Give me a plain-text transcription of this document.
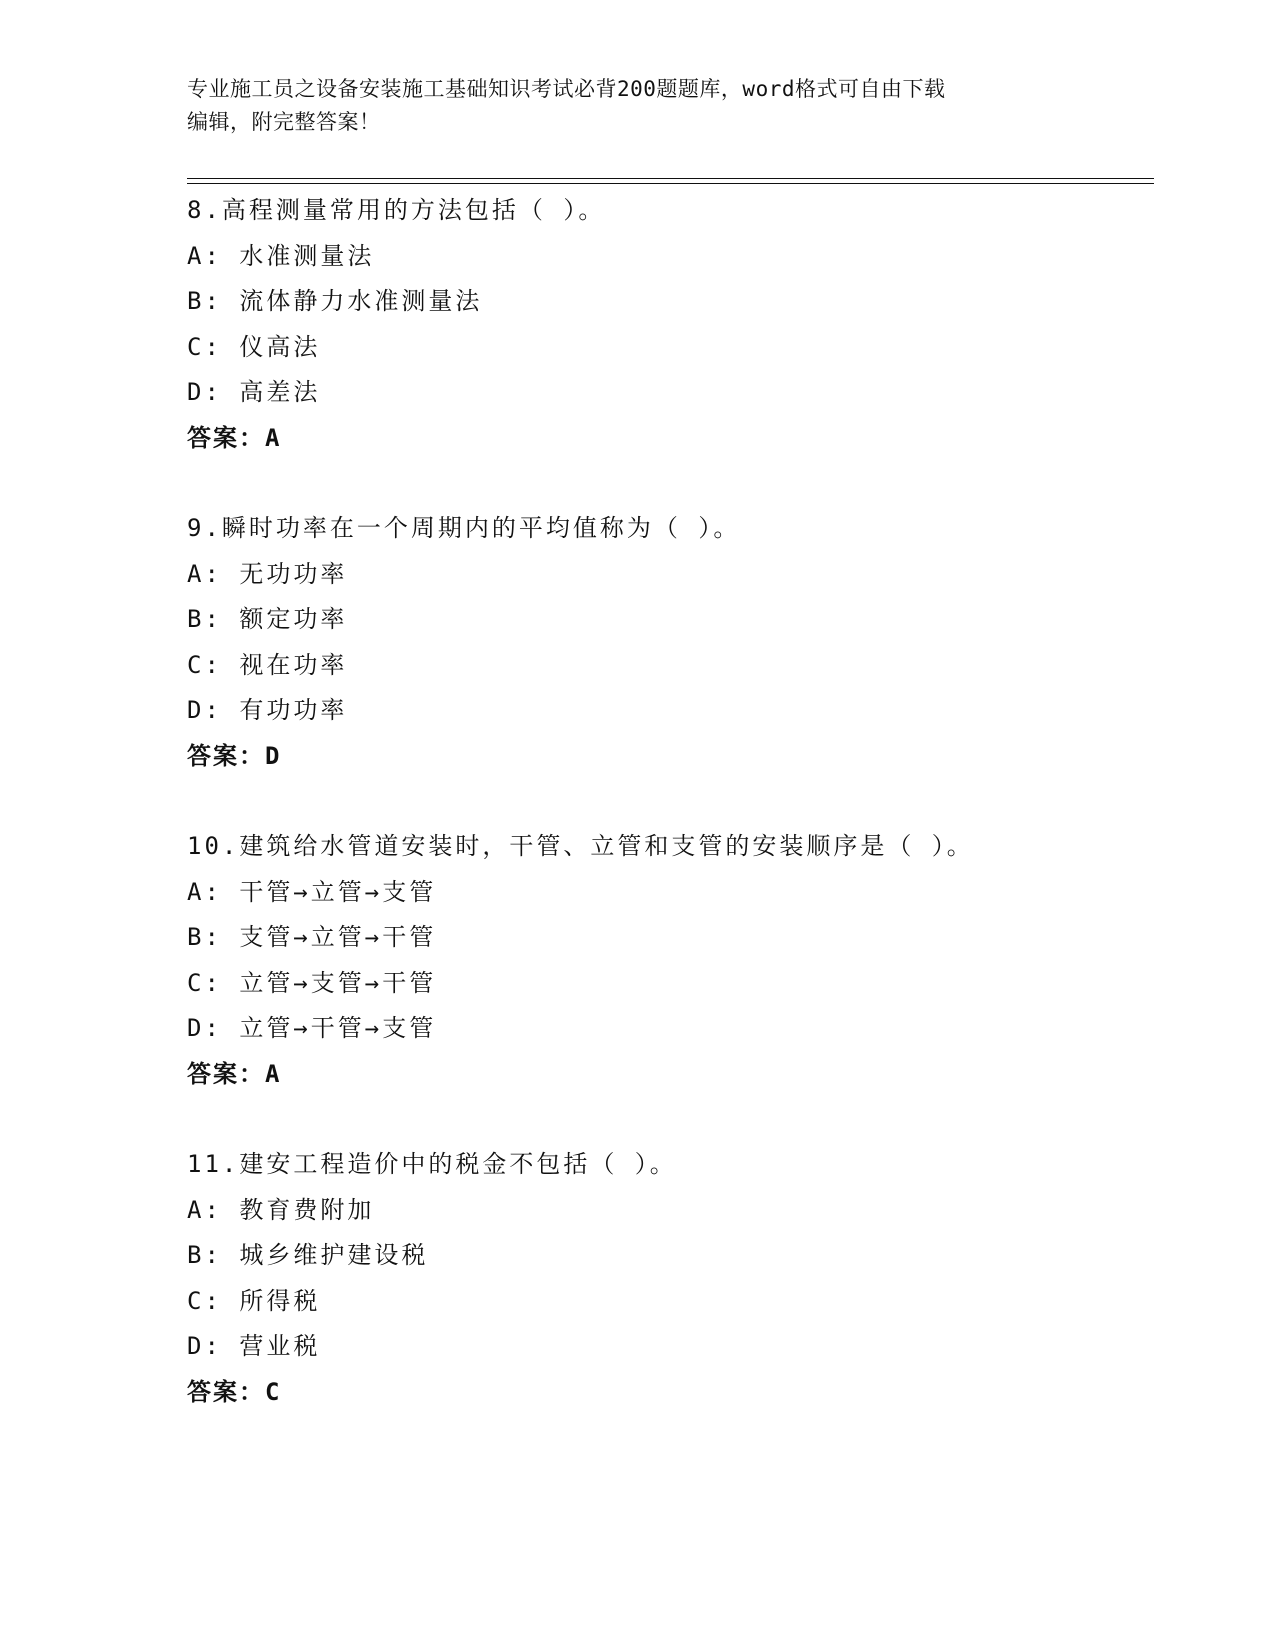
专业施工员之设备安装施工基础知识考试必背200题题库，word格式可自由下载
编辑，附完整答案！
8.高程测量常用的方法包括（ ）。
A: 水准测量法
B: 流体静力水准测量法
C: 仪高法
D: 高差法
答案：A
9.瞬时功率在一个周期内的平均值称为（ ）。
A: 无功功率
B: 额定功率
C: 视在功率
D: 有功功率
答案：D
10.建筑给水管道安装时，干管、立管和支管的安装顺序是（ ）。
A: 干管→立管→支管
B: 支管→立管→干管
C: 立管→支管→干管
D: 立管→干管→支管
答案：A
11.建安工程造价中的税金不包括（ ）。
A: 教育费附加
B: 城乡维护建设税
C: 所得税
D: 营业税
答案：C
